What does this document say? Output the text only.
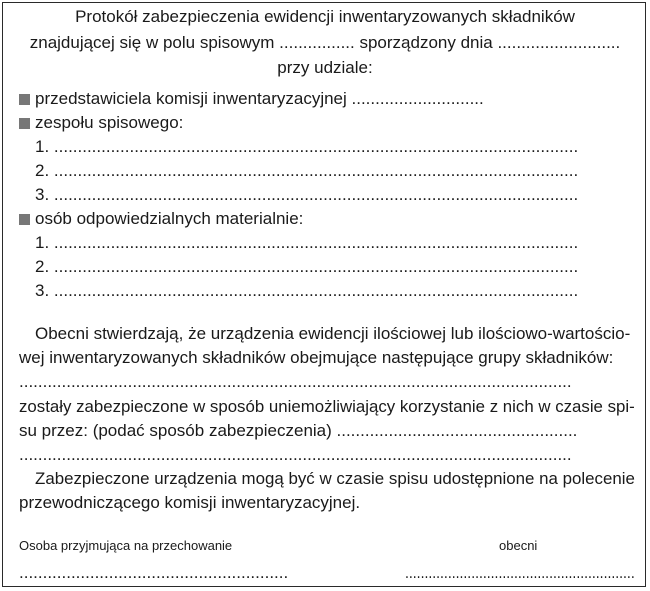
Protokół zabezpieczenia ewidencji inwentaryzowanych składników
znajdującej się w polu spisowym ................ sporządzony dnia ..........................
przy udziale:
przedstawiciela komisji inwentaryzacyjnej ............................
zespołu spisowego:
1. ...............................................................................................................
2. ...............................................................................................................
3. ...............................................................................................................
osób odpowiedzialnych materialnie:
1. ...............................................................................................................
2. ...............................................................................................................
3. ...............................................................................................................
Obecni stwierdzają, że urządzenia ewidencji ilościowej lub ilościowo-wartościo-
wej inwentaryzowanych składników obejmujące następujące grupy składników:
.....................................................................................................................
zostały zabezpieczone w sposób uniemożliwiający korzystanie z nich w czasie spi-
su przez: (podać sposób zabezpieczenia) ...................................................
.....................................................................................................................
Zabezpieczone urządzenia mogą być w czasie spisu udostępnione na polecenie
przewodniczącego komisji inwentaryzacyjnej.
Osoba przyjmująca na przechowanie	obecni
.........................................................	...........................................................
